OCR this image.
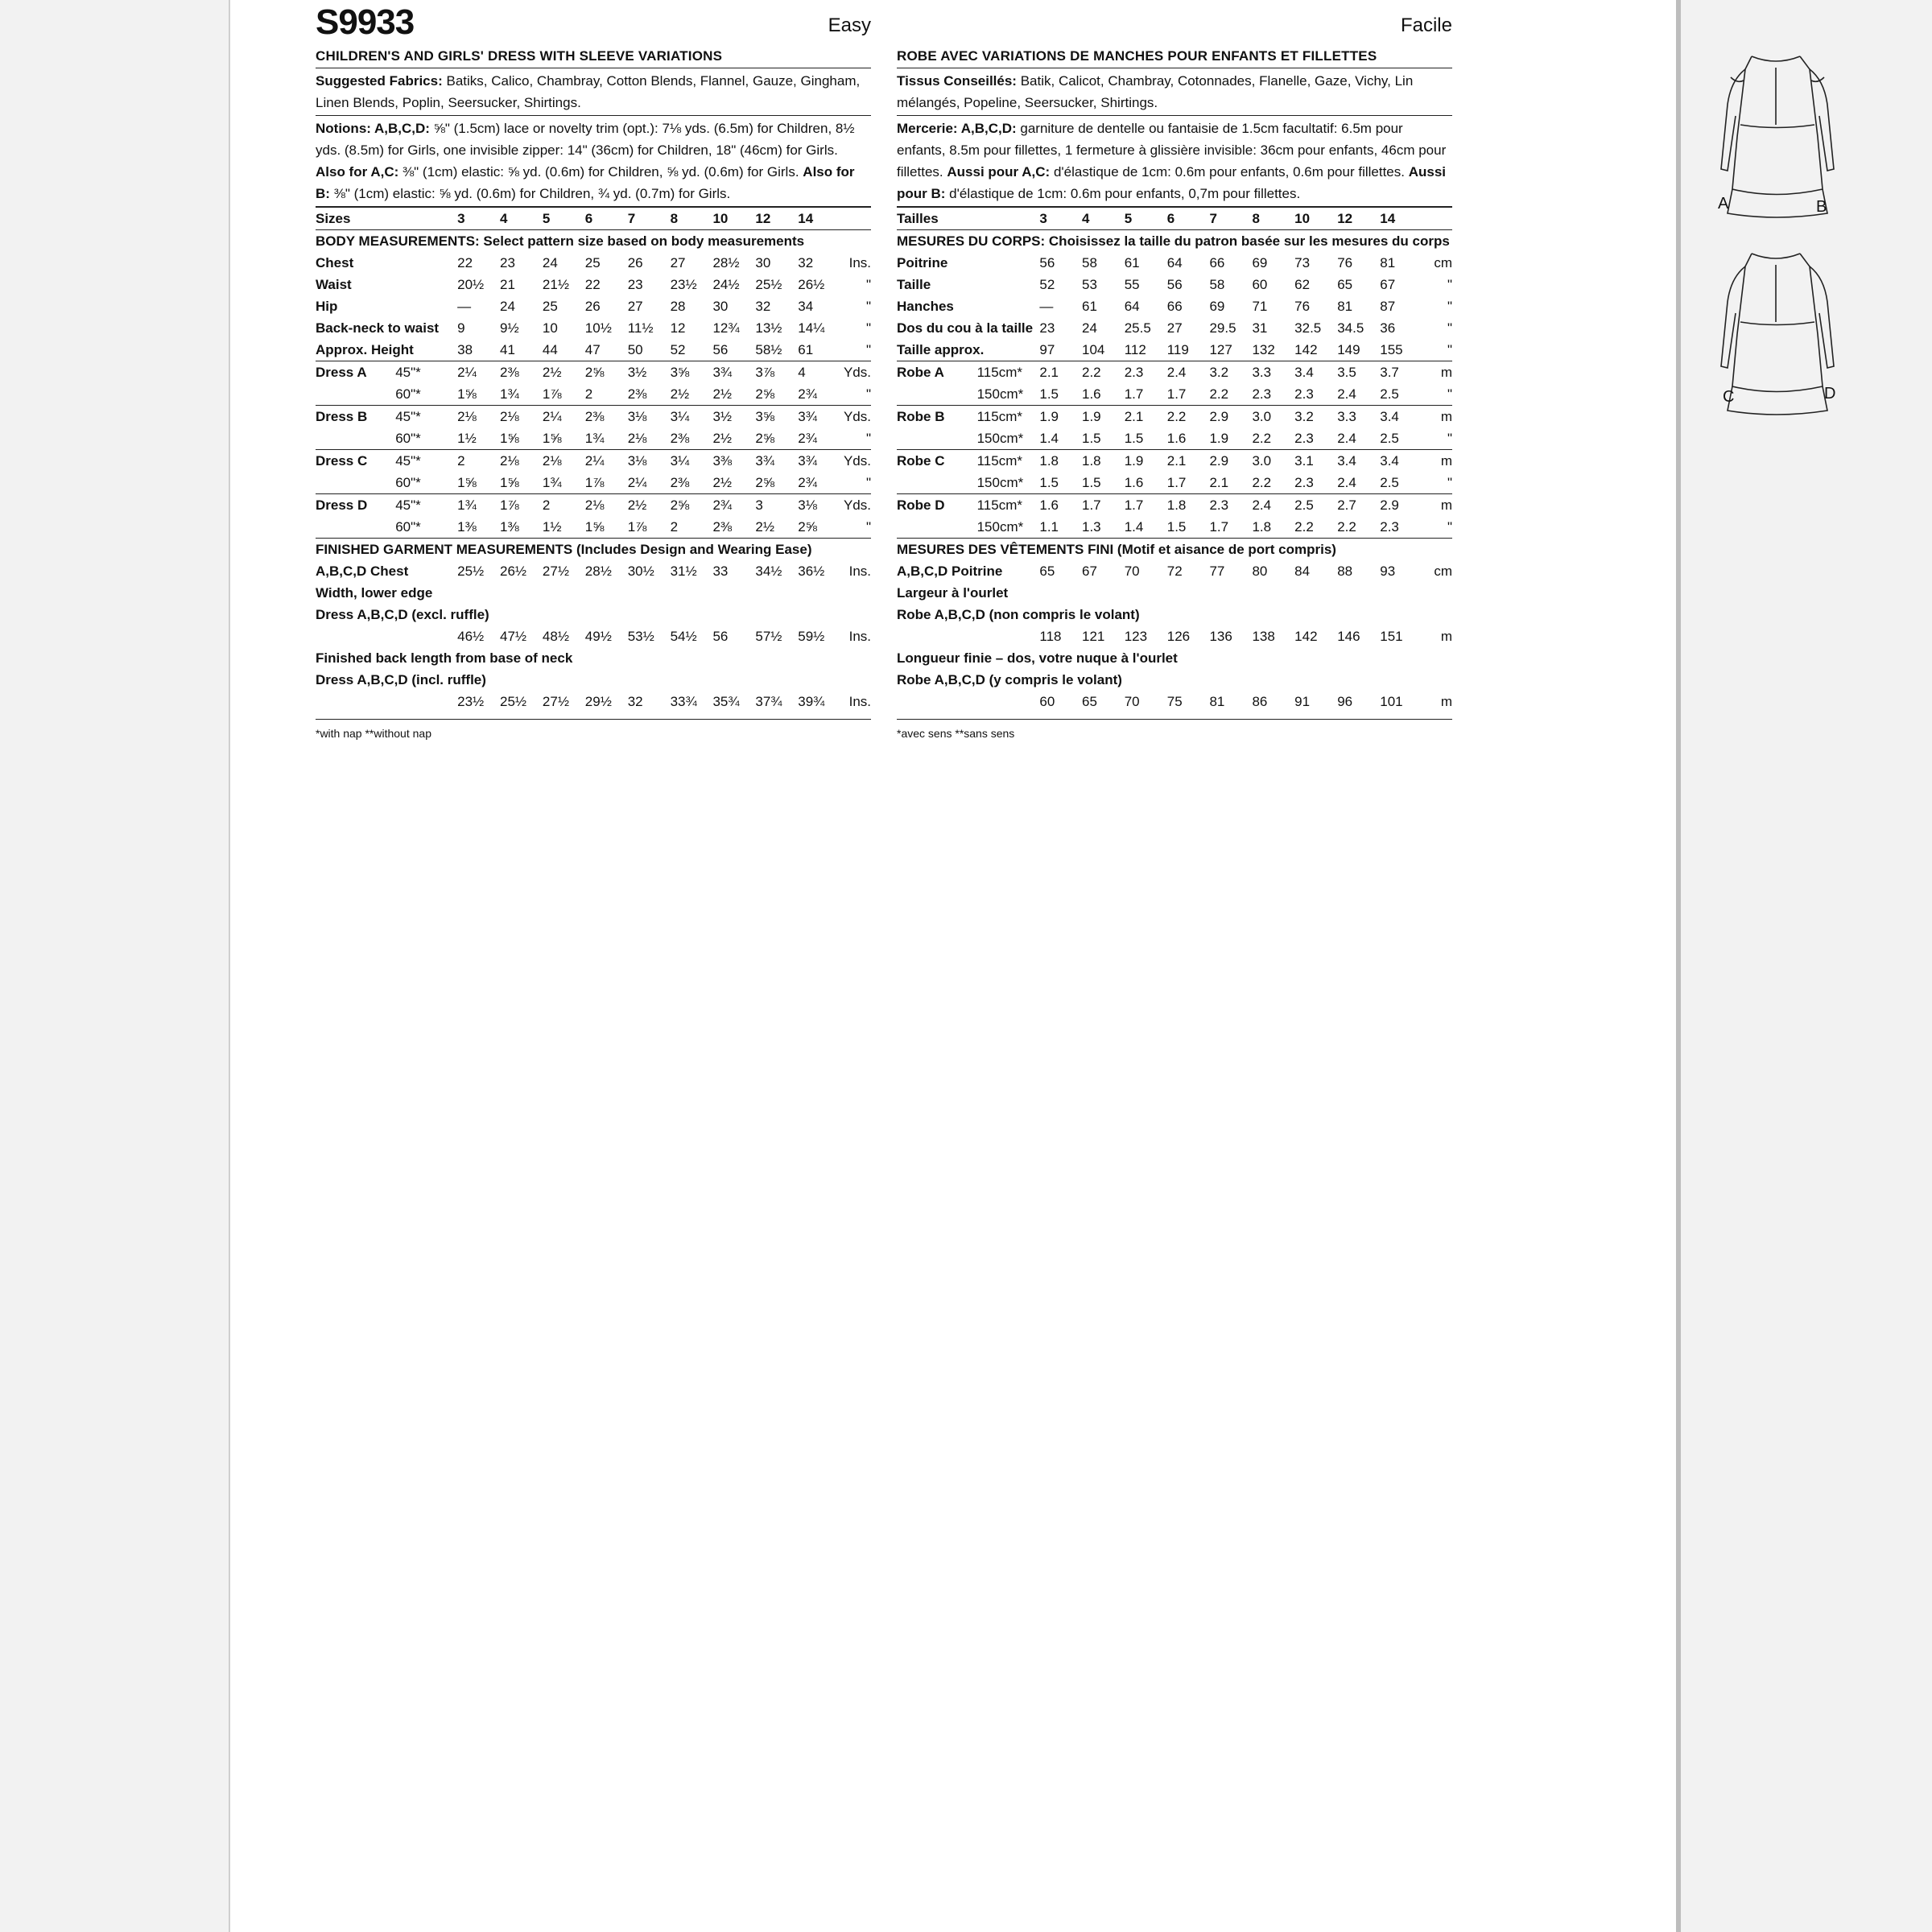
S9933	Easy
CHILDREN'S AND GIRLS' DRESS WITH SLEEVE VARIATIONS
Suggested Fabrics: Batiks, Calico, Chambray, Cotton Blends, Flannel, Gauze, Gingham, Linen Blends, Poplin, Seersucker, Shirtings.
Notions: A,B,C,D: ⅝" (1.5cm) lace or novelty trim (opt.): 7⅛ yds. (6.5m) for Children, 8½ yds. (8.5m) for Girls, one invisible zipper: 14" (36cm) for Children, 18" (46cm) for Girls. Also for A,C: ⅜" (1cm) elastic: ⅝ yd. (0.6m) for Children, ⅝ yd. (0.6m) for Girls. Also for B: ⅜" (1cm) elastic: ⅝ yd. (0.6m) for Children, ¾ yd. (0.7m) for Girls.
Sizes		3	4	5	6	7	8	10	12	14	
BODY MEASUREMENTS: Select pattern size based on body measurements											
Chest		22	23	24	25	26	27	28½	30	32	Ins.
Waist		20½	21	21½	22	23	23½	24½	25½	26½	"
Hip		—	24	25	26	27	28	30	32	34	"
Back-neck to waist		9	9½	10	10½	11½	12	12¾	13½	14¼	"
Approx. Height		38	41	44	47	50	52	56	58½	61	"
Dress A	45"*	2¼	2⅜	2½	2⅝	3½	3⅝	3¾	3⅞	4	Yds.
	60"*	1⅝	1¾	1⅞	2	2⅜	2½	2½	2⅝	2¾	"
Dress B	45"*	2⅛	2⅛	2¼	2⅜	3⅛	3¼	3½	3⅝	3¾	Yds.
	60"*	1½	1⅝	1⅝	1¾	2⅛	2⅜	2½	2⅝	2¾	"
Dress C	45"*	2	2⅛	2⅛	2¼	3⅛	3¼	3⅜	3¾	3¾	Yds.
	60"*	1⅝	1⅝	1¾	1⅞	2¼	2⅜	2½	2⅝	2¾	"
Dress D	45"*	1¾	1⅞	2	2⅛	2½	2⅝	2¾	3	3⅛	Yds.
	60"*	1⅜	1⅜	1½	1⅝	1⅞	2	2⅜	2½	2⅝	"
FINISHED GARMENT MEASUREMENTS (Includes Design and Wearing Ease)											
A,B,C,D Chest		25½	26½	27½	28½	30½	31½	33	34½	36½	Ins.
Width, lower edge											
Dress A,B,C,D (excl. ruffle)											
		46½	47½	48½	49½	53½	54½	56	57½	59½	Ins.
Finished back length from base of neck											
Dress A,B,C,D (incl. ruffle)											
		23½	25½	27½	29½	32	33¾	35¾	37¾	39¾	Ins.
*with nap **without nap
Facile
ROBE AVEC VARIATIONS DE MANCHES POUR ENFANTS ET FILLETTES
Tissus Conseillés: Batik, Calicot, Chambray, Cotonnades, Flanelle, Gaze, Vichy, Lin mélangés, Popeline, Seersucker, Shirtings.
Mercerie: A,B,C,D: garniture de dentelle ou fantaisie de 1.5cm facultatif: 6.5m pour enfants, 8.5m pour fillettes, 1 fermeture à glissière invisible: 36cm pour enfants, 46cm pour fillettes. Aussi pour A,C: d'élastique de 1cm: 0.6m pour enfants, 0.6m pour fillettes. Aussi pour B: d'élastique de 1cm: 0.6m pour enfants, 0,7m pour fillettes.
Tailles		3	4	5	6	7	8	10	12	14	
MESURES DU CORPS: Choisissez la taille du patron basée sur les mesures du corps											
Poitrine		56	58	61	64	66	69	73	76	81	cm
Taille		52	53	55	56	58	60	62	65	67	"
Hanches		—	61	64	66	69	71	76	81	87	"
Dos du cou à la taille		23	24	25.5	27	29.5	31	32.5	34.5	36	"
Taille approx.		97	104	112	119	127	132	142	149	155	"
Robe A	115cm*	2.1	2.2	2.3	2.4	3.2	3.3	3.4	3.5	3.7	m
	150cm*	1.5	1.6	1.7	1.7	2.2	2.3	2.3	2.4	2.5	"
Robe B	115cm*	1.9	1.9	2.1	2.2	2.9	3.0	3.2	3.3	3.4	m
	150cm*	1.4	1.5	1.5	1.6	1.9	2.2	2.3	2.4	2.5	"
Robe C	115cm*	1.8	1.8	1.9	2.1	2.9	3.0	3.1	3.4	3.4	m
	150cm*	1.5	1.5	1.6	1.7	2.1	2.2	2.3	2.4	2.5	"
Robe D	115cm*	1.6	1.7	1.7	1.8	2.3	2.4	2.5	2.7	2.9	m
	150cm*	1.1	1.3	1.4	1.5	1.7	1.8	2.2	2.2	2.3	"
MESURES DES VÊTEMENTS FINI (Motif et aisance de port compris)											
A,B,C,D Poitrine		65	67	70	72	77	80	84	88	93	cm
Largeur à l'ourlet											
Robe A,B,C,D (non compris le volant)											
		118	121	123	126	136	138	142	146	151	m
Longueur finie – dos, votre nuque à l'ourlet											
Robe A,B,C,D (y compris le volant)											
		60	65	70	75	81	86	91	96	101	m
*avec sens **sans sens
A	B
C	D
